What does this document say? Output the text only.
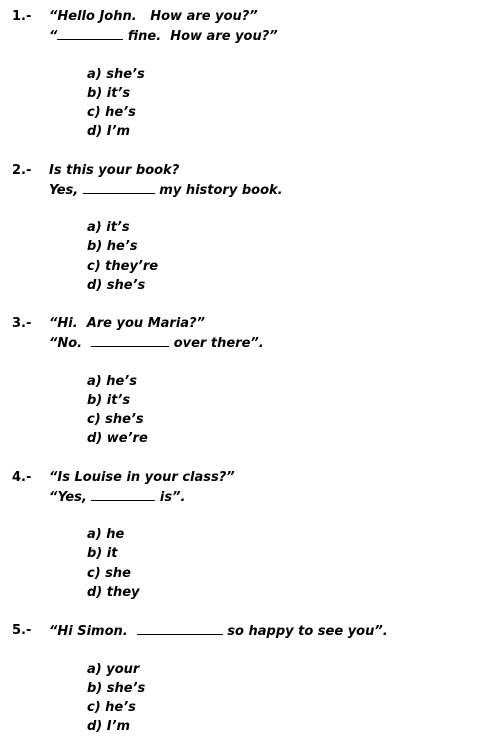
1.- “Hello John.   How are you?”
“	fine.  How are you?”
a) she’s
b) it’s
c) he’s
d) I’m
2.- Is this your book?
Yes,	my history book.
a) it’s
b) he’s
c) they’re
d) she’s
3.- “Hi.  Are you Maria?”
“No.	over there”.
a) he’s
b) it’s
c) she’s
d) we’re
4.- “Is Louise in your class?”
“Yes,	is”.
a) he
b) it
c) she
d) they
5.- “Hi Simon.	so happy to see you”.
a) your
b) she’s
c) he’s
d) I’m
